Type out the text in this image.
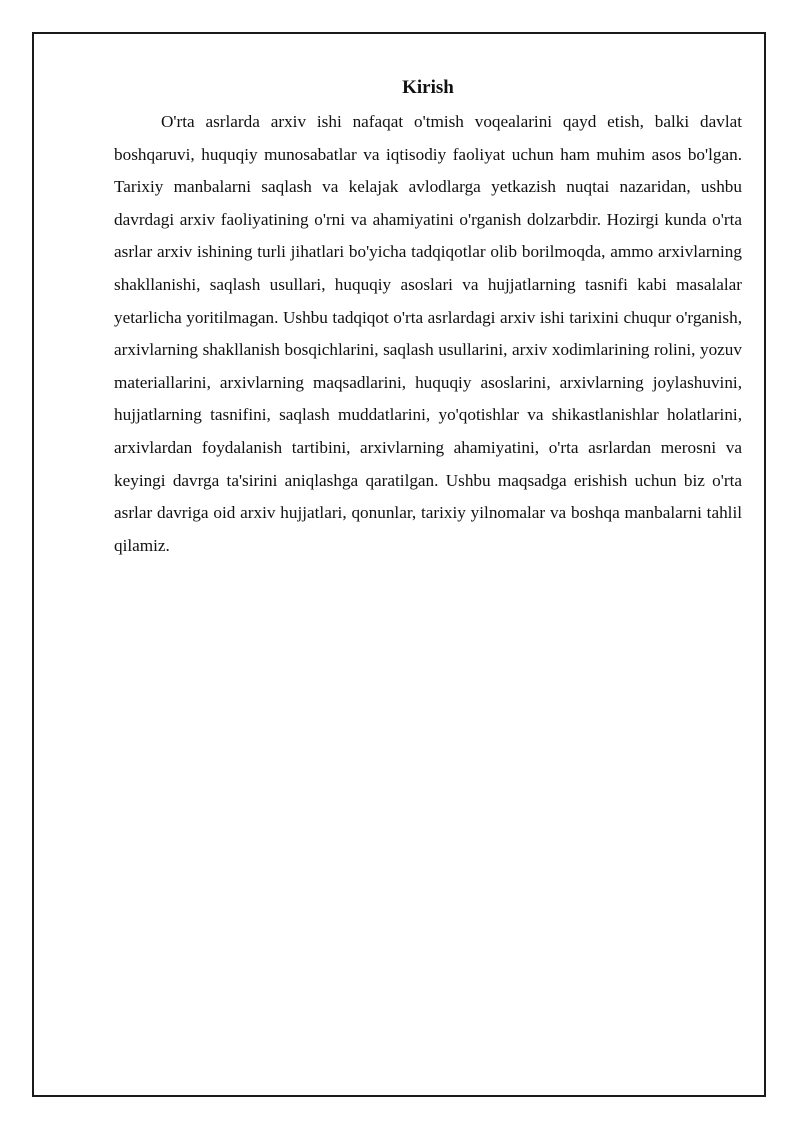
Kirish

O'rta asrlarda arxiv ishi nafaqat o'tmish voqealarini qayd etish, balki davlat boshqaruvi, huquqiy munosabatlar va iqtisodiy faoliyat uchun ham muhim asos bo'lgan. Tarixiy manbalarni saqlash va kelajak avlodlarga yetkazish nuqtai nazaridan, ushbu davrdagi arxiv faoliyatining o'rni va ahamiyatini o'rganish dolzarbdir. Hozirgi kunda o'rta asrlar arxiv ishining turli jihatlari bo'yicha tadqiqotlar olib borilmoqda, ammo arxivlarning shakllanishi, saqlash usullari, huquqiy asoslari va hujjatlarning tasnifi kabi masalalar yetarlicha yoritilmagan. Ushbu tadqiqot o'rta asrlardagi arxiv ishi tarixini chuqur o'rganish, arxivlarning shakllanish bosqichlarini, saqlash usullarini, arxiv xodimlarining rolini, yozuv materiallarini, arxivlarning maqsadlarini, huquqiy asoslarini, arxivlarning joylashuvini, hujjatlarning tasnifini, saqlash muddatlarini, yo'qotishlar va shikastlanishlar holatlarini, arxivlardan foydalanish tartibini, arxivlarning ahamiyatini, o'rta asrlardan merosni va keyingi davrga ta'sirini aniqlashga qaratilgan. Ushbu maqsadga erishish uchun biz o'rta asrlar davriga oid arxiv hujjatlari, qonunlar, tarixiy yilnomalar va boshqa manbalarni tahlil qilamiz.
